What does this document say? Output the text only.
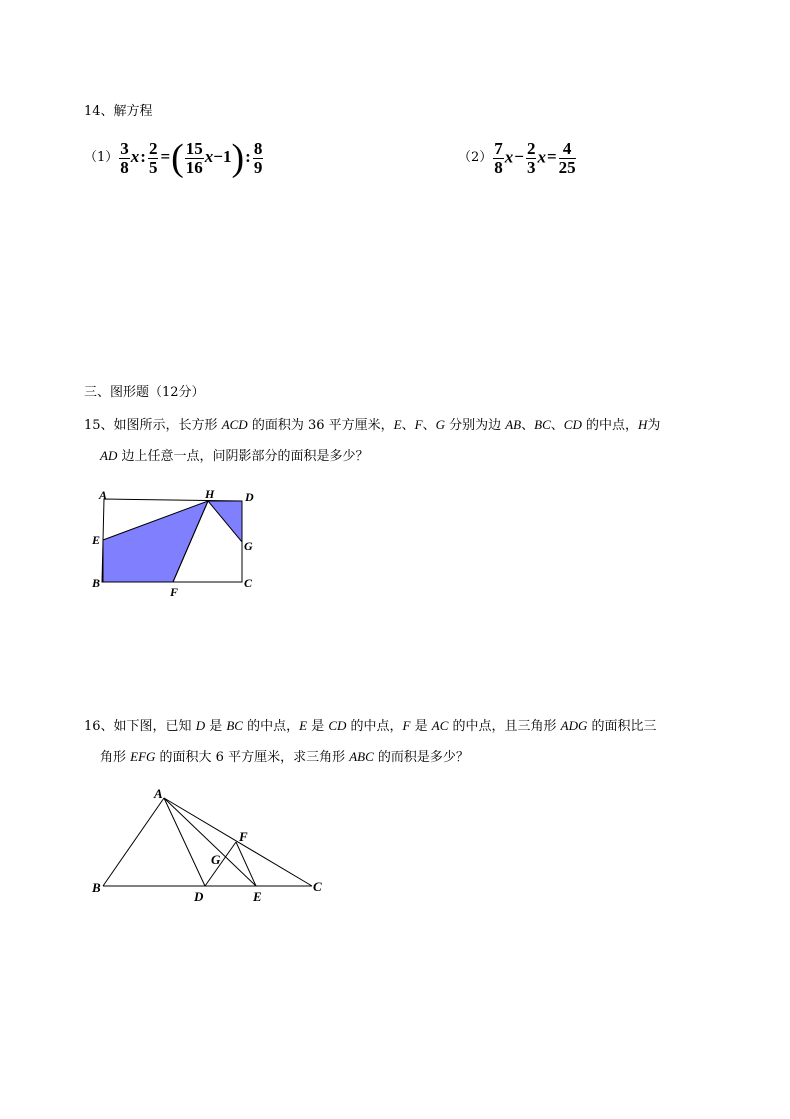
14、解方程
$(1) \frac{3}{8} x$: $\frac{2}{5}$ =( $\frac{15}{16} x-1$): $\frac{8}{9}$	$(2) \frac{7}{8} x- \frac{2}{3} x= \frac{4}{25}$
三、图形题（12分）
15、如图所示，长方形 ACD 的面积为 36 平方厘米，E、F、G 分别为边 AB、BC、CD 的中点，H为
AD 边上任意一点，问阴影部分的面积是多少？
A	H	D
E	G
B
F
C
16、如下图，已知 D 是 BC 的中点，E 是 CD 的中点，F 是 AC 的中点，且三角形 ADG 的面积比三
角形 EFG 的面积大 6 平方厘米，求三角形 ABC 的而积是多少？
A
B	C
D	E
F
G
